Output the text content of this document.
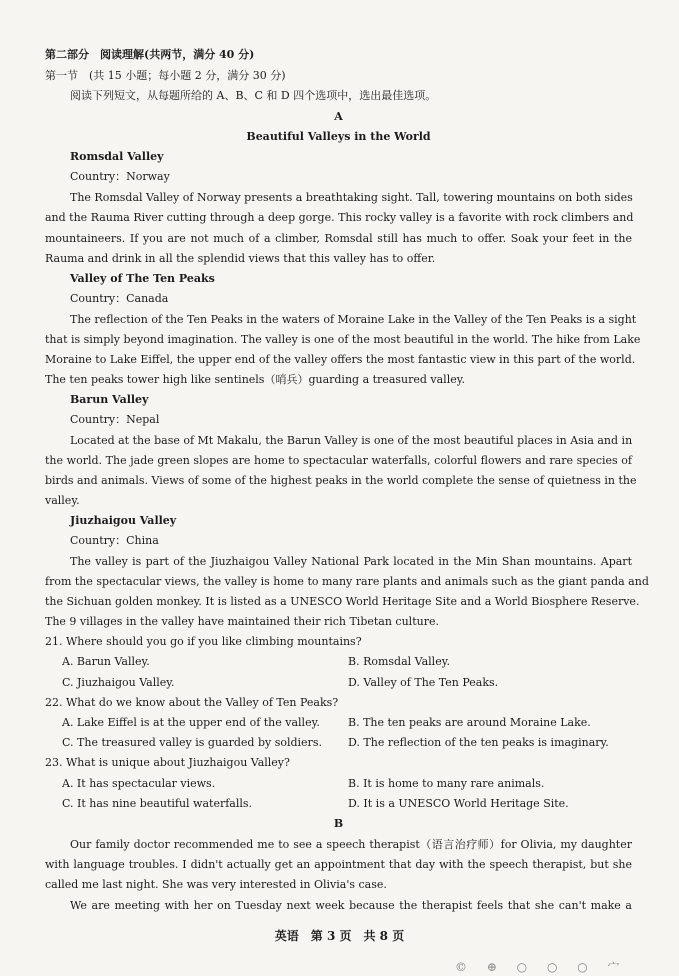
第二部分　阅读理解(共两节，满分 40 分)
第一节　(共 15 小题；每小题 2 分，满分 30 分)
阅读下列短文，从每题所给的 A、B、C 和 D 四个选项中，选出最佳选项。
A
Beautiful Valleys in the World
Romsdal Valley
Country：Norway
The Romsdal Valley of Norway presents a breathtaking sight. Tall, towering mountains on both sides
and the Rauma River cutting through a deep gorge. This rocky valley is a favorite with rock climbers and
mountaineers. If you are not much of a climber, Romsdal still has much to offer. Soak your feet in the
Rauma and drink in all the splendid views that this valley has to offer.
Valley of The Ten Peaks
Country：Canada
The reflection of the Ten Peaks in the waters of Moraine Lake in the Valley of the Ten Peaks is a sight
that is simply beyond imagination. The valley is one of the most beautiful in the world. The hike from Lake
Moraine to Lake Eiffel, the upper end of the valley offers the most fantastic view in this part of the world.
The ten peaks tower high like sentinels（哨兵）guarding a treasured valley.
Barun Valley
Country：Nepal
Located at the base of Mt Makalu, the Barun Valley is one of the most beautiful places in Asia and in
the world. The jade green slopes are home to spectacular waterfalls, colorful flowers and rare species of
birds and animals. Views of some of the highest peaks in the world complete the sense of quietness in the
valley.
Jiuzhaigou Valley
Country：China
The valley is part of the Jiuzhaigou Valley National Park located in the Min Shan mountains. Apart
from the spectacular views, the valley is home to many rare plants and animals such as the giant panda and
the Sichuan golden monkey. It is listed as a UNESCO World Heritage Site and a World Biosphere Reserve.
The 9 villages in the valley have maintained their rich Tibetan culture.
21. Where should you go if you like climbing mountains?
A. Barun Valley.	B. Romsdal Valley.
C. Jiuzhaigou Valley.	D. Valley of The Ten Peaks.
22. What do we know about the Valley of Ten Peaks?
A. Lake Eiffel is at the upper end of the valley.	B. The ten peaks are around Moraine Lake.
C. The treasured valley is guarded by soldiers. D. The reflection of the ten peaks is imaginary.
23. What is unique about Jiuzhaigou Valley?
A. It has spectacular views.	B. It is home to many rare animals.
C. It has nine beautiful waterfalls.	D. It is a UNESCO World Heritage Site.
B
Our family doctor recommended me to see a speech therapist（语言治疗师）for Olivia, my daughter
with language troubles. I didn't actually get an appointment that day with the speech therapist, but she
called me last night. She was very interested in Olivia's case.
We are meeting with her on Tuesday next week because the therapist feels that she can't make a
英语　第 3 页　共 8 页
© ⊕ ○ ○ ○ 宀
